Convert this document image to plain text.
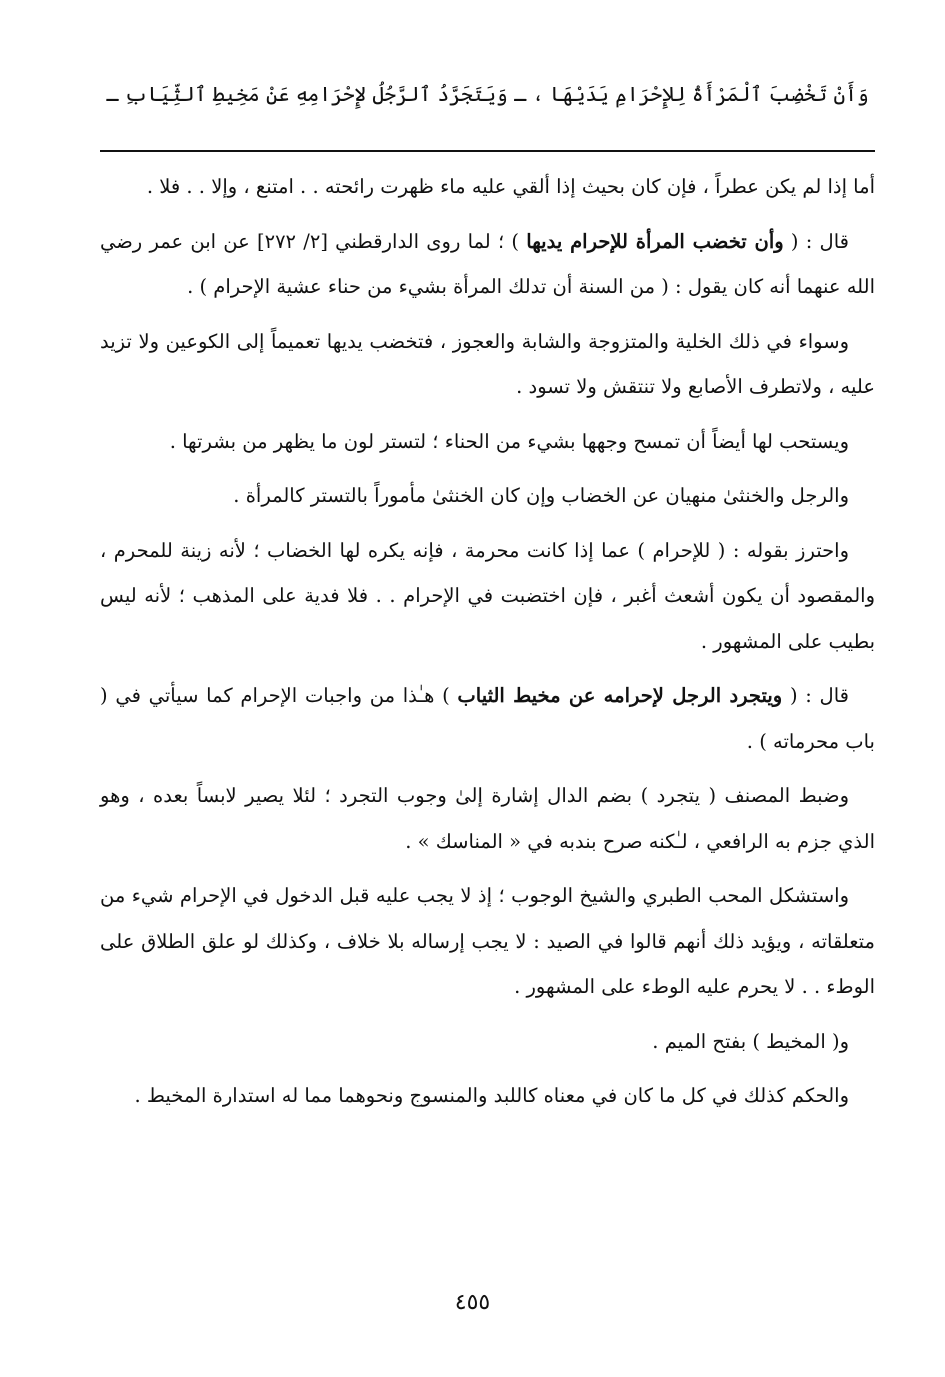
وَأَنْ تَخْضِبَ ٱلْمَرْأَةُ لِلإِحْرَامِ يَدَيْهَا ، ـ وَيَتَجَرَّدُ ٱلرَّجُلُ لإِحْرَامِهِ عَنْ مَخِيطِ ٱلثِّيَابِ ـ

أما إذا لم يكن عطراً ، فإن كان بحيث إذا ألقي عليه ماء ظهرت رائحته . . امتنع ، وإلا . . فلا .

قال : ( وأن تخضب المرأة للإحرام يديها ) ؛ لما روى الدارقطني [٢/ ٢٧٢] عن ابن عمر رضي الله عنهما أنه كان يقول : ( من السنة أن تدلك المرأة بشيء من حناء عشية الإحرام ) .

وسواء في ذلك الخلية والمتزوجة والشابة والعجوز ، فتخضب يديها تعميماً إلى الكوعين ولا تزيد عليه ، ولاتطرف الأصابع ولا تنتقش ولا تسود .

ويستحب لها أيضاً أن تمسح وجهها بشيء من الحناء ؛ لتستر لون ما يظهر من بشرتها .

والرجل والخنثىٰ منهيان عن الخضاب وإن كان الخنثىٰ مأموراً بالتستر كالمرأة .

واحترز بقوله : ( للإحرام ) عما إذا كانت محرمة ، فإنه يكره لها الخضاب ؛ لأنه زينة للمحرم ، والمقصود أن يكون أشعث أغبر ، فإن اختضبت في الإحرام . . فلا فدية على المذهب ؛ لأنه ليس بطيب على المشهور .

قال : ( ويتجرد الرجل لإحرامه عن مخيط الثياب ) هـٰذا من واجبات الإحرام كما سيأتي في ( باب محرماته ) .

وضبط المصنف ( يتجرد ) بضم الدال إشارة إلىٰ وجوب التجرد ؛ لئلا يصير لابساً بعده ، وهو الذي جزم به الرافعي ، لـٰكنه صرح بندبه في « المناسك » .

واستشكل المحب الطبري والشيخ الوجوب ؛ إذ لا يجب عليه قبل الدخول في الإحرام شيء من متعلقاته ، ويؤيد ذلك أنهم قالوا في الصيد : لا يجب إرساله بلا خلاف ، وكذلك لو علق الطلاق على الوطء . . لا يحرم عليه الوطء على المشهور .

و( المخيط ) بفتح الميم .

والحكم كذلك في كل ما كان في معناه كاللبد والمنسوج ونحوهما مما له استدارة المخيط .

٤٥٥
